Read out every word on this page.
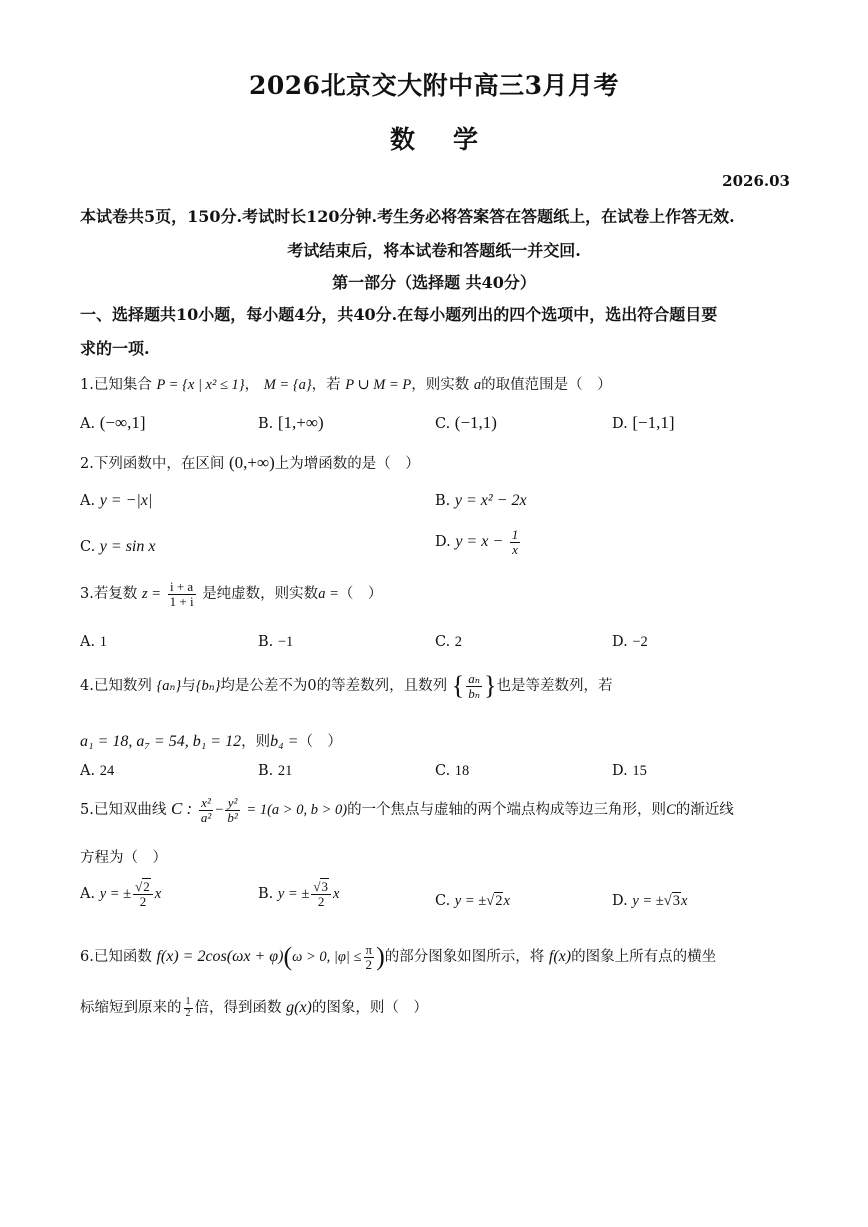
2026北京交大附中高三3月月考
数学
2026.03
本试卷共5页，150分.考试时长120分钟.考生务必将答案答在答题纸上，在试卷上作答无效.
考试结束后，将本试卷和答题纸一并交回.
第一部分（选择题 共40分）
一、选择题共10小题，每小题4分，共40分.在每小题列出的四个选项中，选出符合题目要
求的一项.
1.已知集合 P = {x | x² ≤ 1}， M = {a}，若 P ∪ M = P，则实数 a的取值范围是（　）
A. (−∞,1]	B. [1,+∞)	C. (−1,1)	D. [−1,1]
2.下列函数中，在区间 (0,+∞)上为增函数的是（　）
A. y = −|x|	B. y = x² − 2x
C. y = sin x	D. $y = x - \frac{1}{x}$
3.若复数 $z = \frac{i + a}{1 + i}$ 是纯虚数，则实数a =（　）
A. 1	B. −1	C. 2	D. −2
4.已知数列 {aₙ}与{bₙ}均是公差不为0的等差数列，且数列 { $\frac{\text{aₙ}}{\text{bₙ}}$ }也是等差数列，若
a₁ = 18, a₇ = 54, b₁ = 12，则b₄ =（　）
A. 24	B. 21	C. 18	D. 15
5.已知双曲线 C : $\frac{\text{x²}}{\text{a²}} - \frac{\text{y²}}{\text{b²}} = 1(a > 0$, b > 0)的一个焦点与虚轴的两个端点构成等边三角形，则C的渐近线
方程为（　）
A. y = ± $\frac{√2}{2}$ x	B. y = ± $\frac{√3}{2}$ x	C. y = ±√2x	D. y = ±√3x
6.已知函数 f(x) = 2cos(ωx + φ)(ω > 0, $|\varphi| \le \frac{\pi}{2}$ )的部分图象如图所示，将 f(x)的图象上所有点的横坐
标缩短到原来的 $\frac{1}{2}$ 倍，得到函数 g(x)的图象，则（　）
